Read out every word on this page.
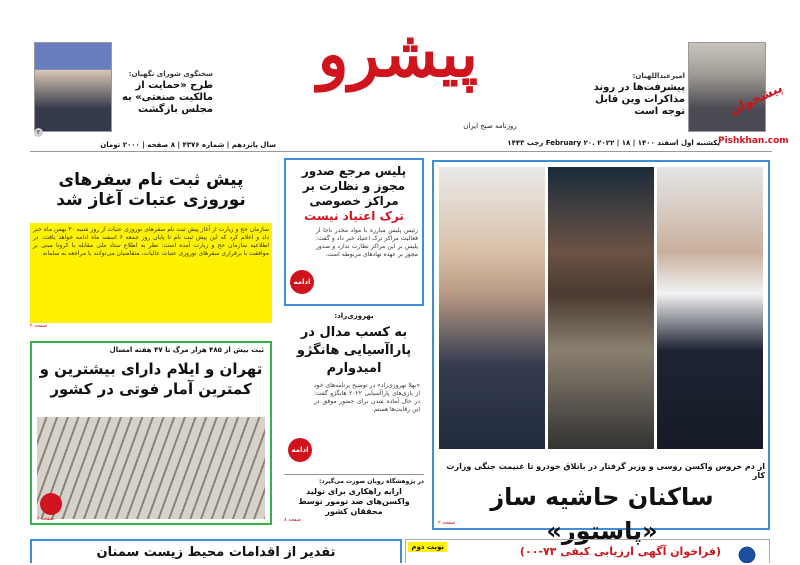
سخنگوی شورای نگهبان:
طرح «حمایت از مالکیت صنعتی» به مجلس بازگشت
۲
پیشرو
روزنامه صبح ایران
امیرعبداللهیان:
پیشرفت‌ها در روند مذاکرات وین قابل توجه است	پیشخوان
Pishkhan.com
یکشنبه اول اسفند ۱۴۰۰ | February ۲۰. ۲۰۲۲ | ۱۸ رجب ۱۴۴۳
سال پانزدهم | شماره ۴۳۷۶ | ۸ صفحه | ۲۰۰۰ تومان
پیش ثبت نام سفرهای نوروزی عتبات آغاز شد
سازمان حج و زیارت از آغاز پیش ثبت نام سفرهای نوروزی عتبات از روز شنبه ۳۰ بهمن ماه خبر داد و اعلام کرد که این پیش ثبت نام تا پایان روز جمعه ۶ اسفند ماه ادامه خواهد یافت. در اطلاعیه سازمان حج و زیارت آمده است: نظر به اطلاع ستاد ملی مقابله با کرونا مبنی بر موافقت با برقراری سفرهای نوروزی عتبات عالیات، متقاضیان می‌توانند با مراجعه به سامانه
صفحه ۲
ثبت بیش از ۴۸۵ هزار مرگ تا ۴۷ هفته امسال
تهران و ایلام دارای بیشترین و کمترین آمار فوتی در کشور
صفحه ۶
پلیس مرجع صدور مجوز و نظارت بر مراکز خصوصی
ترک اعتیاد نیست
رئیس پلیس مبارزه با مواد مخدر ناجا از فعالیت مراکز ترک اعتیاد خبر داد و گفت: پلیس بر این مراکز نظارت ندارد و صدور مجوز بر عهده نهادهای مربوطه است.
ادامه
بهروزی‌راد:
به کسب مدال در پاراآسیایی هانگژو امیدوارم
«بهلا بهروزی‌راد» در توضیح برنامه‌های خود از بازی‌های پاراآسیایی ۲۰۲۲ هانگژو گفت: در حال آماده شدن برای حضور موفق در این رقابت‌ها هستم.
ادامه
در پژوهشگاه رویان صورت می‌گیرد:
ارایه راهکاری برای تولید واکسن‌های ضد تومور توسط محققان کشور
صفحه ۸
از دم خروس واکسن روسی و وزیر گرفتار در باتلاق خودرو تا غنیمت جنگی وزارت کار
ساکنان حاشیه ساز «پاستور»
صفحه ۲
تقدیر از اقدامات محیط زیست سمنان	نوبت دوم	(فراخوان آگهی ارزیابی کیفی ۷۳-۰۰)
